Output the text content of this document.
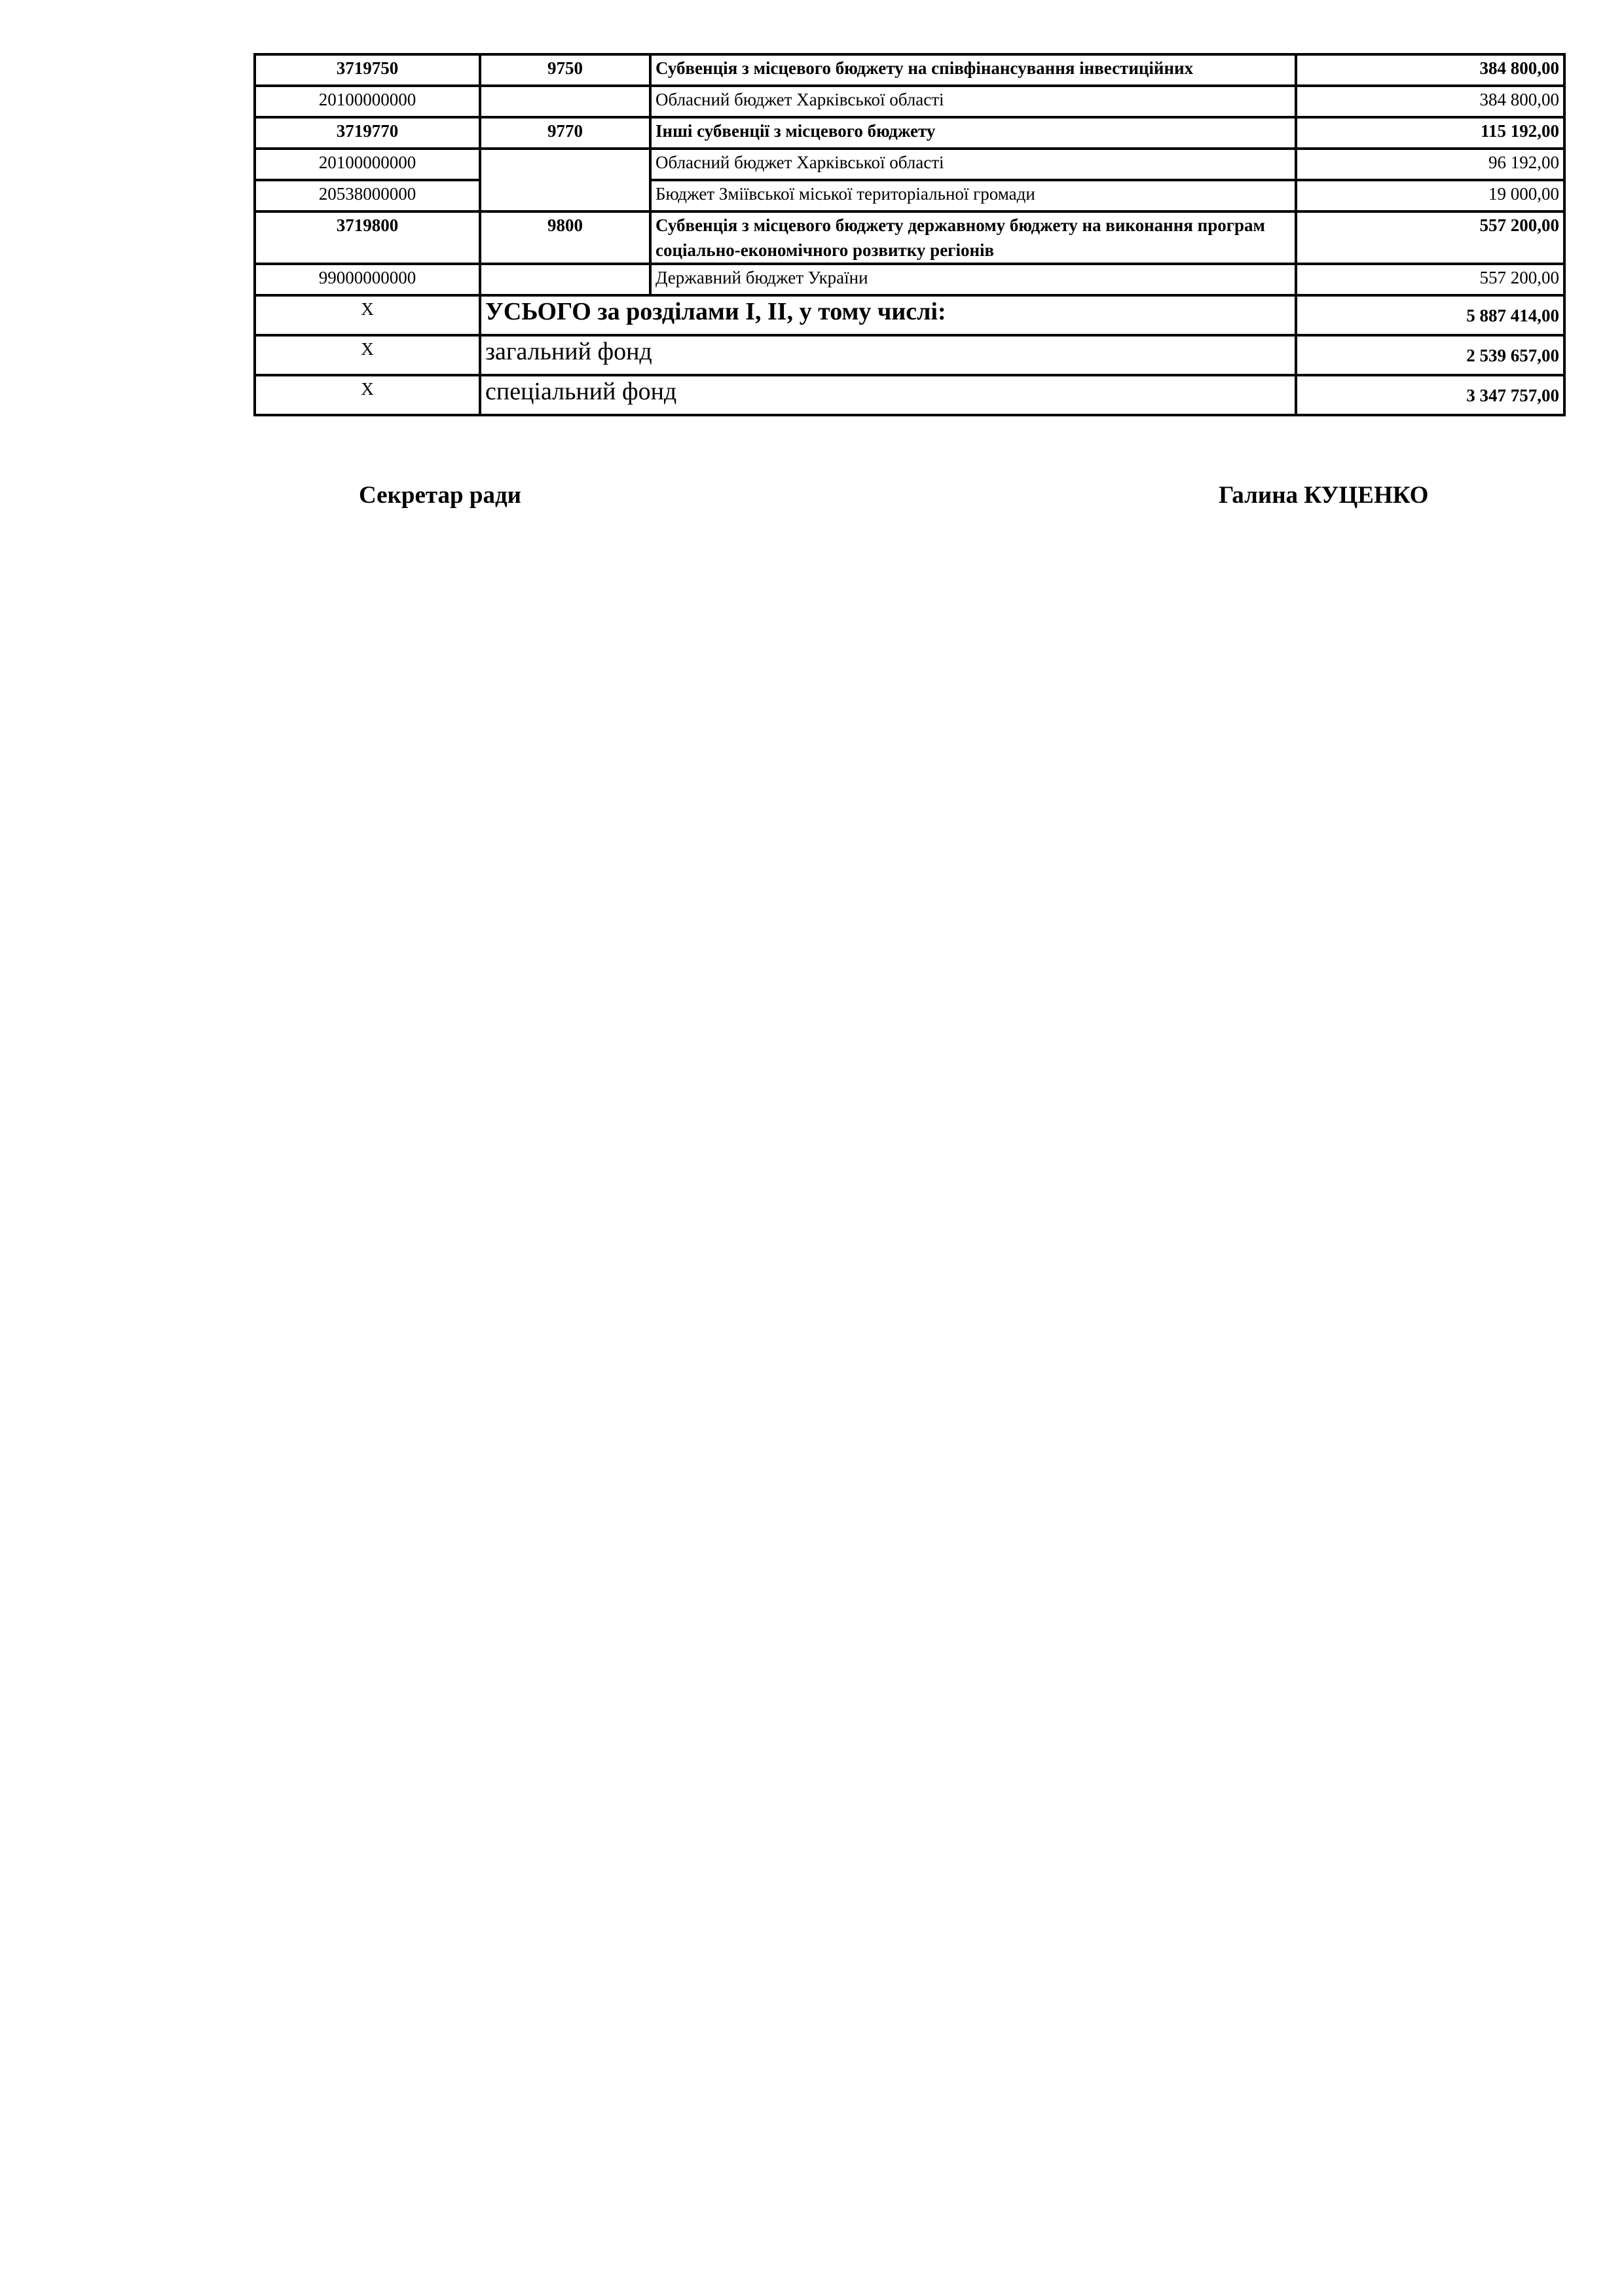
3719750	9750	Субвенція з місцевого бюджету на співфінансування інвестиційних	384 800,00
20100000000		Обласний бюджет Харківської області	384 800,00
3719770	9770	Інші субвенції з місцевого бюджету	115 192,00
20100000000		Обласний бюджет Харківської області	96 192,00
20538000000		Бюджет Зміївської міської територіальної громади	19 000,00
3719800	9800	Субвенція з місцевого бюджету державному бюджету на виконання програм соціально-економічного розвитку регіонів	557 200,00
99000000000		Державний бюджет України	557 200,00
X	УСЬОГО за розділами І, ІІ, у тому числі:		5 887 414,00
X	загальний фонд		2 539 657,00
X	спеціальний фонд		3 347 757,00
Секретар ради	Галина КУЦЕНКО
